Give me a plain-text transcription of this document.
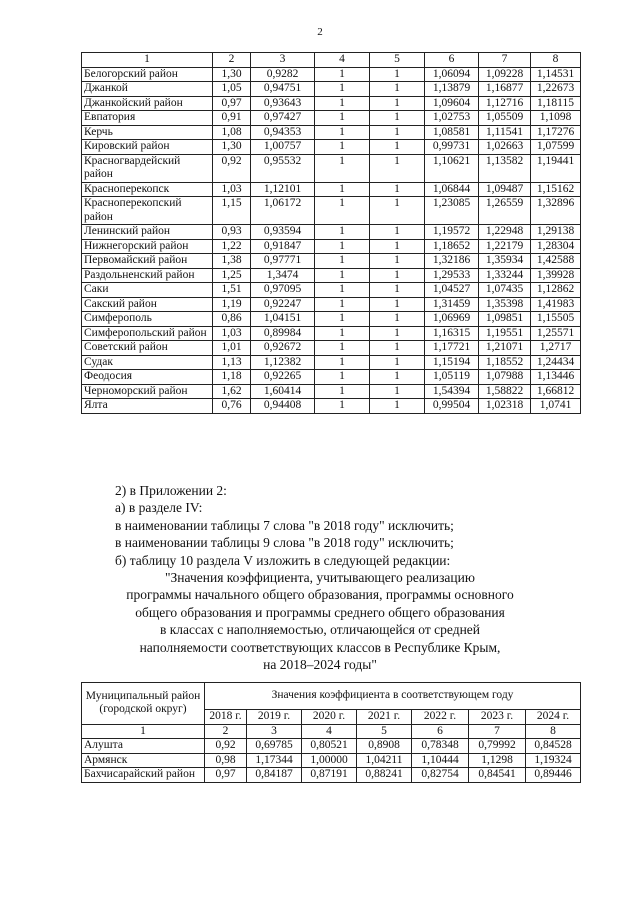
2
1	2	3	4	5	6	7	8
Белогорский район	1,30	0,9282	1	1	1,06094	1,09228	1,14531
Джанкой	1,05	0,94751	1	1	1,13879	1,16877	1,22673
Джанкойский район	0,97	0,93643	1	1	1,09604	1,12716	1,18115
Евпатория	0,91	0,97427	1	1	1,02753	1,05509	1,1098
Керчь	1,08	0,94353	1	1	1,08581	1,11541	1,17276
Кировский район	1,30	1,00757	1	1	0,99731	1,02663	1,07599
Красногвардейский район	0,92	0,95532	1	1	1,10621	1,13582	1,19441
Красноперекопск	1,03	1,12101	1	1	1,06844	1,09487	1,15162
Красноперекопский район	1,15	1,06172	1	1	1,23085	1,26559	1,32896
Ленинский район	0,93	0,93594	1	1	1,19572	1,22948	1,29138
Нижнегорский район	1,22	0,91847	1	1	1,18652	1,22179	1,28304
Первомайский район	1,38	0,97771	1	1	1,32186	1,35934	1,42588
Раздольненский район	1,25	1,3474	1	1	1,29533	1,33244	1,39928
Саки	1,51	0,97095	1	1	1,04527	1,07435	1,12862
Сакский район	1,19	0,92247	1	1	1,31459	1,35398	1,41983
Симферополь	0,86	1,04151	1	1	1,06969	1,09851	1,15505
Симферопольский район	1,03	0,89984	1	1	1,16315	1,19551	1,25571
Советский район	1,01	0,92672	1	1	1,17721	1,21071	1,2717
Судак	1,13	1,12382	1	1	1,15194	1,18552	1,24434
Феодосия	1,18	0,92265	1	1	1,05119	1,07988	1,13446
Черноморский район	1,62	1,60414	1	1	1,54394	1,58822	1,66812
Ялта	0,76	0,94408	1	1	0,99504	1,02318	1,0741
2) в Приложении 2:
а) в разделе IV:
в наименовании таблицы 7 слова "в 2018 году" исключить;
в наименовании таблицы 9 слова "в 2018 году" исключить;
б) таблицу 10 раздела V изложить в следующей редакции:
"Значения коэффициента, учитывающего реализацию
программы начального общего образования, программы основного
общего образования и программы среднего общего образования
в классах с наполняемостью, отличающейся от средней
наполняемости соответствующих классов в Республике Крым,
на 2018–2024 годы"
Муниципальный район (городской округ)	Значения коэффициента в соответствующем году						
	2018 г.	2019 г.	2020 г.	2021 г.	2022 г.	2023 г.	2024 г.
1	2	3	4	5	6	7	8
Алушта	0,92	0,69785	0,80521	0,8908	0,78348	0,79992	0,84528
Армянск	0,98	1,17344	1,00000	1,04211	1,10444	1,1298	1,19324
Бахчисарайский район	0,97	0,84187	0,87191	0,88241	0,82754	0,84541	0,89446
